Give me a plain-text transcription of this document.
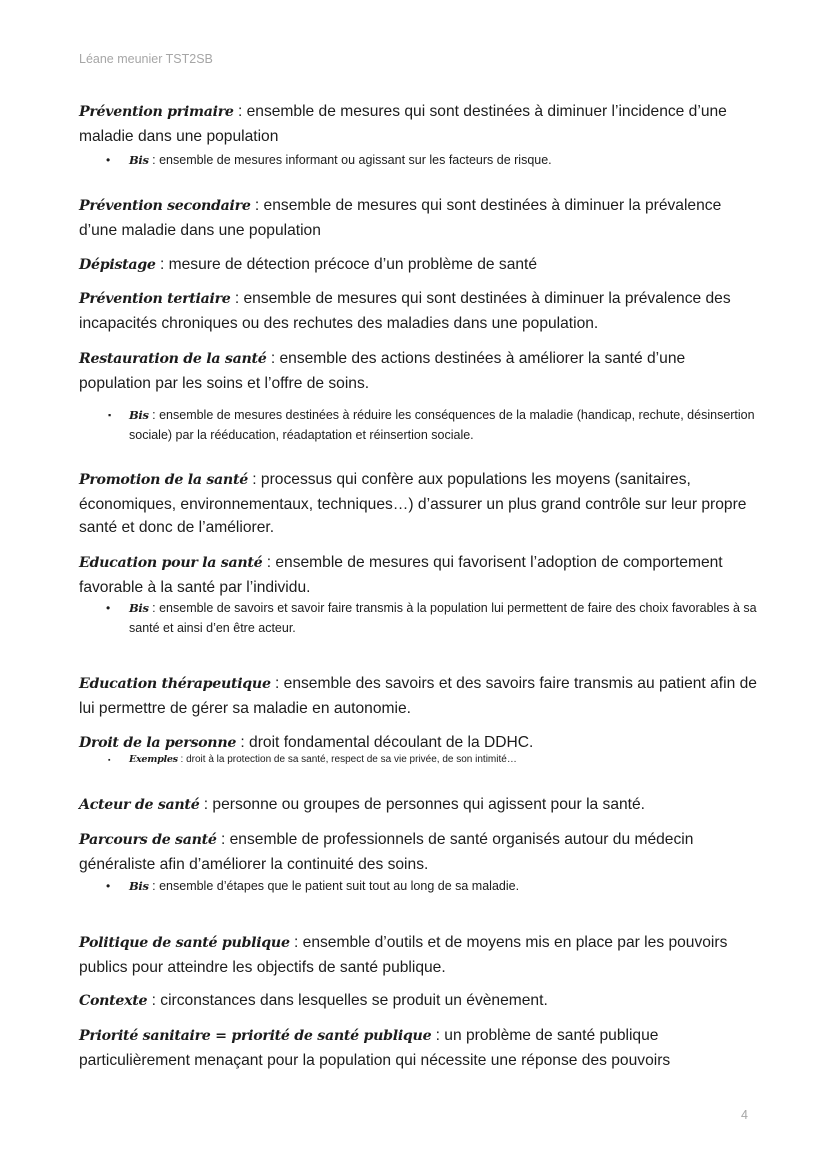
Léane meunier TST2SB

Prévention primaire : ensemble de mesures qui sont destinées à diminuer l’incidence d’une maladie dans une population

• Bis : ensemble de mesures informant ou agissant sur les facteurs de risque.

Prévention secondaire : ensemble de mesures qui sont destinées à diminuer la prévalence d’une maladie dans une population

Dépistage : mesure de détection précoce d’un problème de santé

Prévention tertiaire : ensemble de mesures qui sont destinées à diminuer la prévalence des incapacités chroniques ou des rechutes des maladies dans une population.

Restauration de la santé : ensemble des actions destinées à améliorer la santé d’une population par les soins et l’offre de soins.

▪ Bis : ensemble de mesures destinées à réduire les conséquences de la maladie (handicap, rechute, désinsertion sociale) par la rééducation, réadaptation et réinsertion sociale.

Promotion de la santé : processus qui confère aux populations les moyens (sanitaires, économiques, environnementaux, techniques…) d’assurer un plus grand contrôle sur leur propre santé et donc de l’améliorer.

Education pour la santé : ensemble de mesures qui favorisent l’adoption de comportement favorable à la santé par l’individu.

• Bis : ensemble de savoirs et savoir faire transmis à la population lui permettent de faire des choix favorables à sa santé et ainsi d’en être acteur.

Education thérapeutique : ensemble des savoirs et des savoirs faire transmis au patient afin de lui permettre de gérer sa maladie en autonomie.

Droit de la personne : droit fondamental découlant de la DDHC.

▪ Exemples : droit à la protection de sa santé, respect de sa vie privée, de son intimité…

Acteur de santé : personne ou groupes de personnes qui agissent pour la santé.

Parcours de santé : ensemble de professionnels de santé organisés autour du médecin généraliste afin d’améliorer la continuité des soins.

• Bis : ensemble d’étapes que le patient suit tout au long de sa maladie.

Politique de santé publique : ensemble d’outils et de moyens mis en place par les pouvoirs publics pour atteindre les objectifs de santé publique.

Contexte : circonstances dans lesquelles se produit un évènement.

Priorité sanitaire = priorité de santé publique : un problème de santé publique particulièrement menaçant pour la population qui nécessite une réponse des pouvoirs

4
